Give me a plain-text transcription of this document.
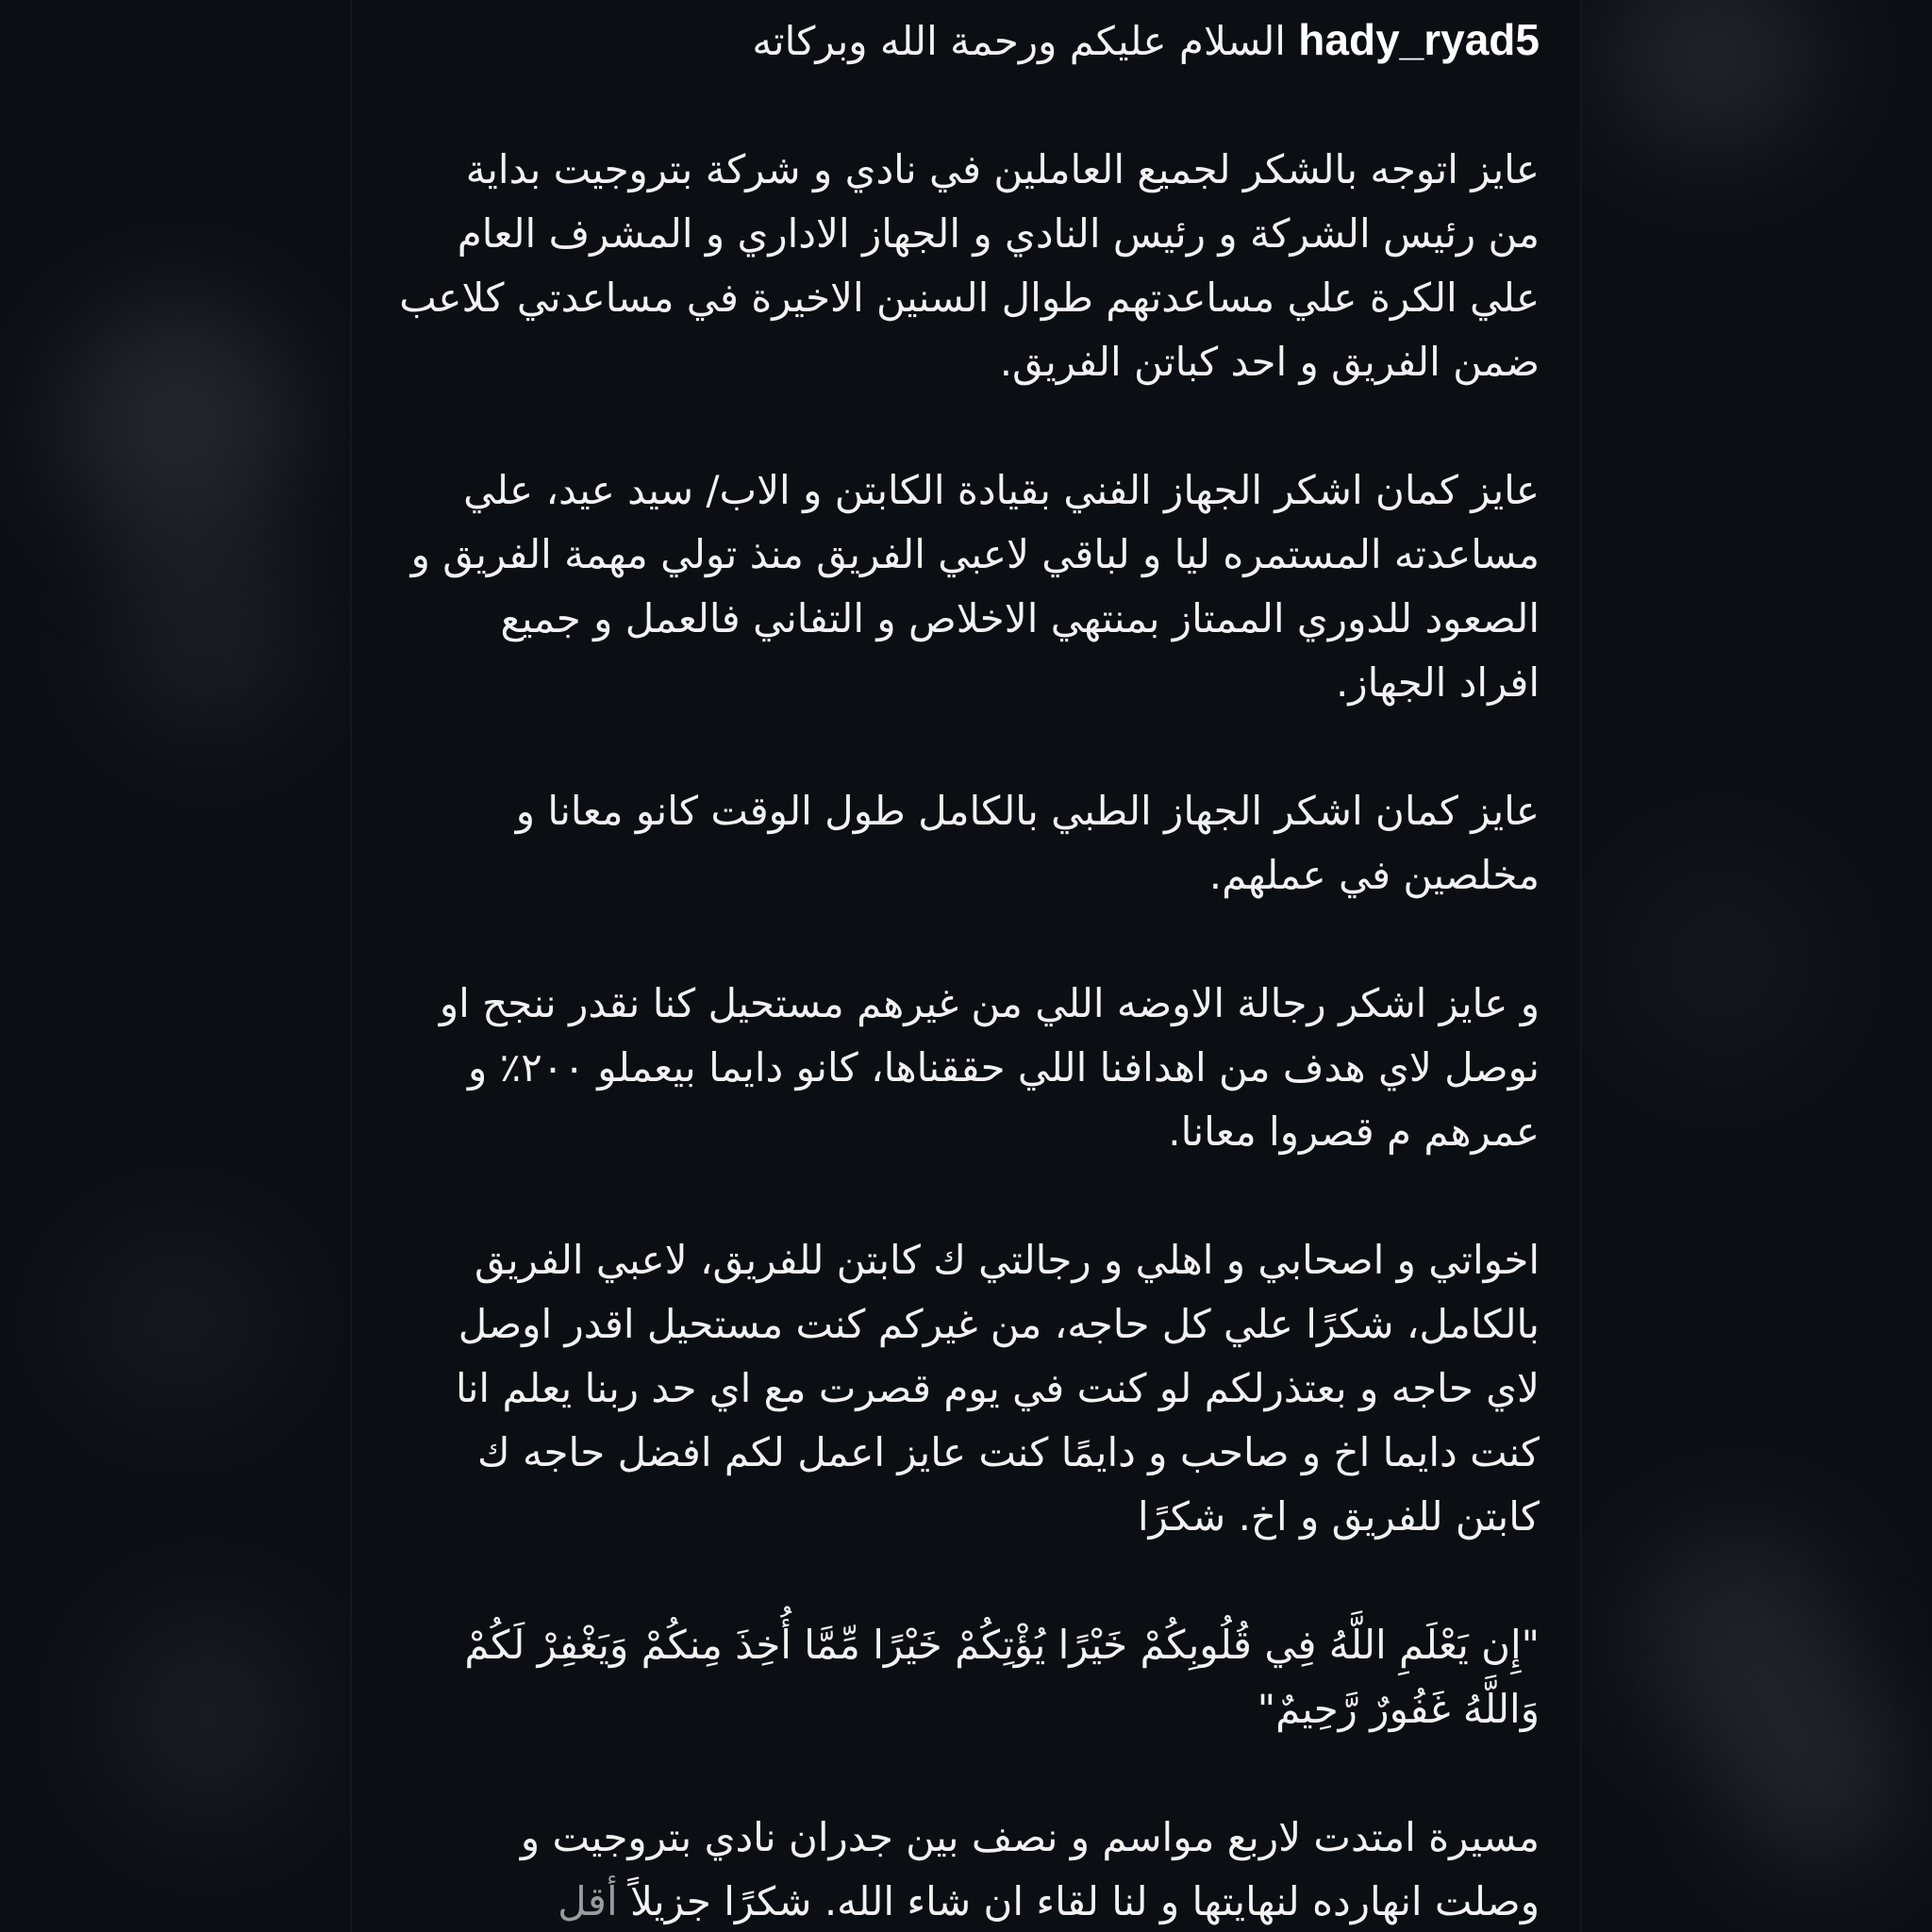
hady_ryad5 السلام عليكم ورحمة الله وبركاته
عايز اتوجه بالشكر لجميع العاملين في نادي و شركة بتروجيت بداية
من رئيس الشركة و رئيس النادي و الجهاز الاداري و المشرف العام
علي الكرة علي مساعدتهم طوال السنين الاخيرة في مساعدتي كلاعب
ضمن الفريق و احد كباتن الفريق.
عايز كمان اشكر الجهاز الفني بقيادة الكابتن و الاب/ سيد عيد، علي
مساعدته المستمره ليا و لباقي لاعبي الفريق منذ تولي مهمة الفريق و
الصعود للدوري الممتاز بمنتهي الاخلاص و التفاني فالعمل و جميع
افراد الجهاز.
عايز كمان اشكر الجهاز الطبي بالكامل طول الوقت كانو معانا و
مخلصين في عملهم.
و عايز اشكر رجالة الاوضه اللي من غيرهم مستحيل كنا نقدر ننجح او
نوصل لاي هدف من اهدافنا اللي حققناها، كانو دايما بيعملو ٢٠٠٪ و
عمرهم م قصروا معانا.
اخواتي و اصحابي و اهلي و رجالتي ك كابتن للفريق، لاعبي الفريق
بالكامل، شكرًا علي كل حاجه، من غيركم كنت مستحيل اقدر اوصل
لاي حاجه و بعتذرلكم لو كنت في يوم قصرت مع اي حد ربنا يعلم انا
كنت دايما اخ و صاحب و دايمًا كنت عايز اعمل لكم افضل حاجه ك
كابتن للفريق و اخ. شكرًا
"إِن يَعْلَمِ اللَّهُ فِي قُلُوبِكُمْ خَيْرًا يُؤْتِكُمْ خَيْرًا مِّمَّا أُخِذَ مِنكُمْ وَيَغْفِرْ لَكُمْ
وَاللَّهُ غَفُورٌ رَّحِيمٌ"
مسيرة امتدت لاربع مواسم و نصف بين جدران نادي بتروجيت و
وصلت انهارده لنهايتها و لنا لقاء ان شاء الله. شكرًا جزيلاً أقل
